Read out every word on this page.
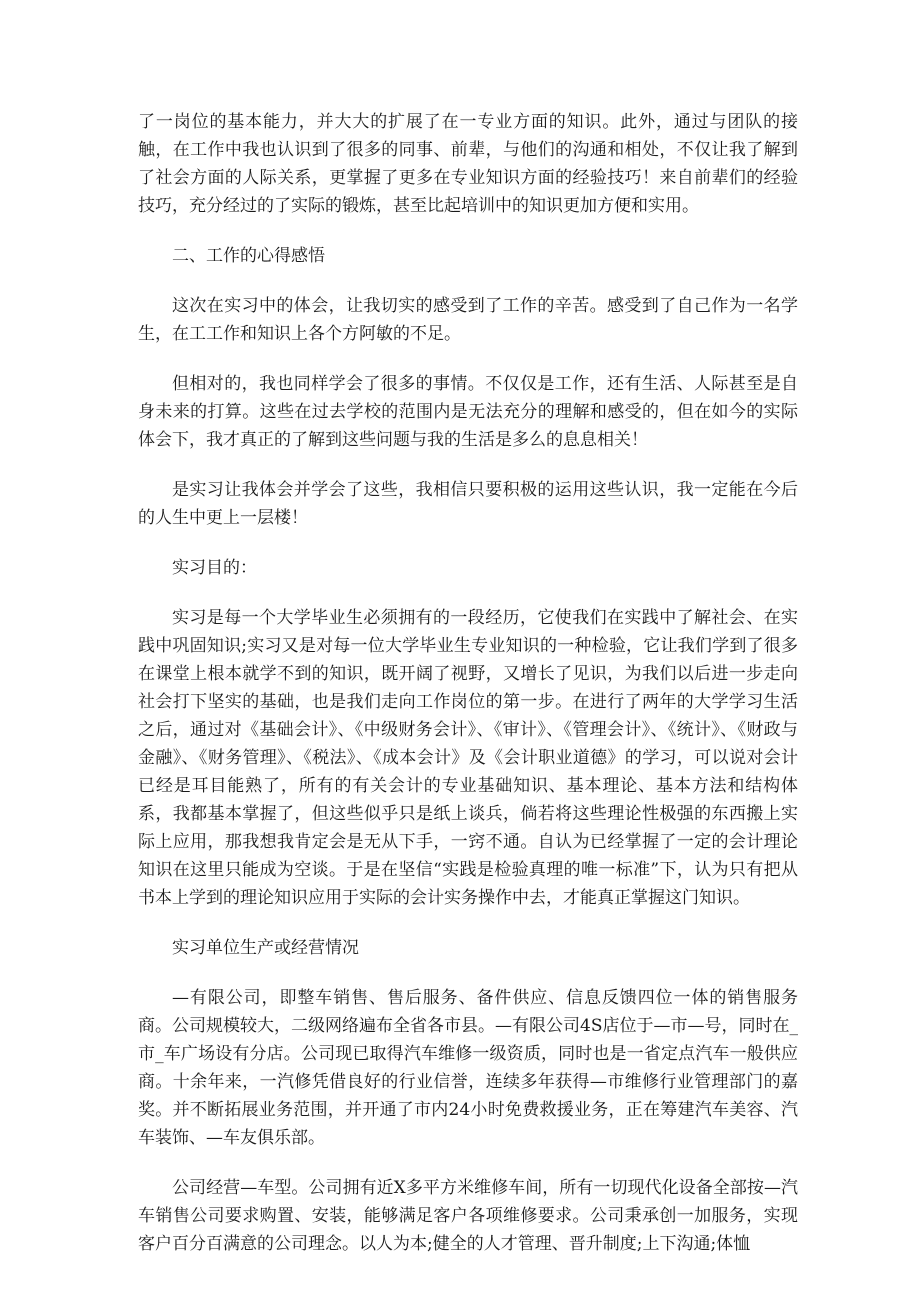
了一岗位的基本能力，并大大的扩展了在一专业方面的知识。此外，通过与团队的接触，在工作中我也认识到了很多的同事、前辈，与他们的沟通和相处，不仅让我了解到了社会方面的人际关系，更掌握了更多在专业知识方面的经验技巧！来自前辈们的经验技巧，充分经过的了实际的锻炼，甚至比起培训中的知识更加方便和实用。

二、工作的心得感悟

这次在实习中的体会，让我切实的感受到了工作的辛苦。感受到了自己作为一名学生，在工工作和知识上各个方阿敏的不足。

但相对的，我也同样学会了很多的事情。不仅仅是工作，还有生活、人际甚至是自身未来的打算。这些在过去学校的范围内是无法充分的理解和感受的，但在如今的实际体会下，我才真正的了解到这些问题与我的生活是多么的息息相关！

是实习让我体会并学会了这些，我相信只要积极的运用这些认识，我一定能在今后的人生中更上一层楼！

实习目的：

实习是每一个大学毕业生必须拥有的一段经历，它使我们在实践中了解社会、在实践中巩固知识;实习又是对每一位大学毕业生专业知识的一种检验，它让我们学到了很多在课堂上根本就学不到的知识，既开阔了视野，又增长了见识，为我们以后进一步走向社会打下坚实的基础，也是我们走向工作岗位的第一步。在进行了两年的大学学习生活之后，通过对《基础会计》、《中级财务会计》、《审计》、《管理会计》、《统计》、《财政与金融》、《财务管理》、《税法》、《成本会计》及《会计职业道德》的学习，可以说对会计已经是耳目能熟了，所有的有关会计的专业基础知识、基本理论、基本方法和结构体系，我都基本掌握了，但这些似乎只是纸上谈兵，倘若将这些理论性极强的东西搬上实际上应用，那我想我肯定会是无从下手，一窍不通。自认为已经掌握了一定的会计理论知识在这里只能成为空谈。于是在坚信“实践是检验真理的唯一标准”下，认为只有把从书本上学到的理论知识应用于实际的会计实务操作中去，才能真正掌握这门知识。

实习单位生产或经营情况

—有限公司，即整车销售、售后服务、备件供应、信息反馈四位一体的销售服务商。公司规模较大，二级网络遍布全省各市县。—有限公司4S店位于—市—号，同时在_市_车广场设有分店。公司现已取得汽车维修一级资质，同时也是一省定点汽车一般供应商。十余年来，一汽修凭借良好的行业信誉，连续多年获得—市维修行业管理部门的嘉奖。并不断拓展业务范围，并开通了市内24小时免费救援业务，正在筹建汽车美容、汽车装饰、—车友俱乐部。

公司经营—车型。公司拥有近X多平方米维修车间，所有一切现代化设备全部按—汽车销售公司要求购置、安装，能够满足客户各项维修要求。公司秉承创一加服务，实现客户百分百满意的公司理念。以人为本;健全的人才管理、晋升制度;上下沟通;体恤
